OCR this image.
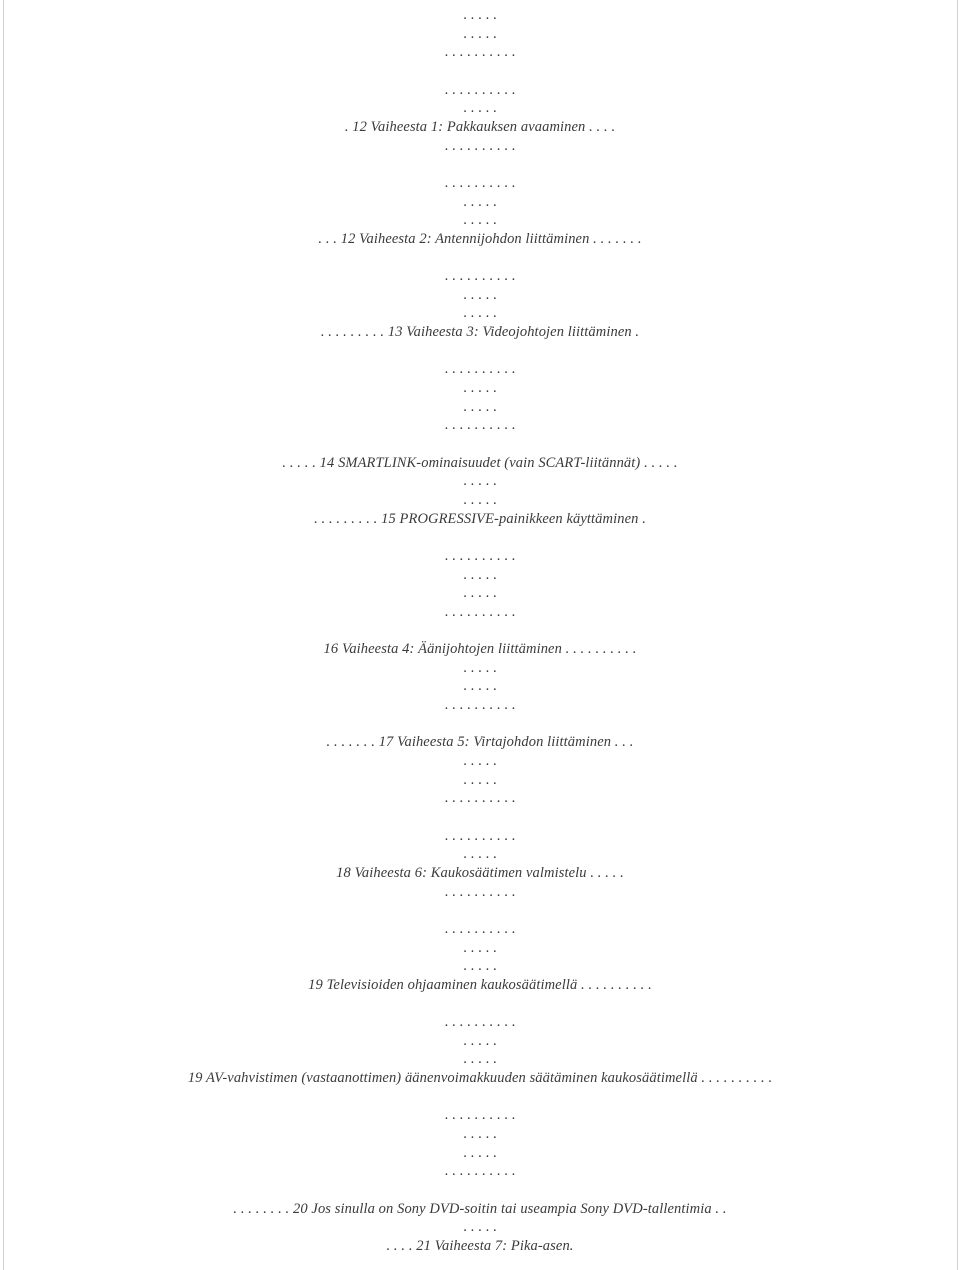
. . . . .
. . . . .
. . . . . . . . . .
. . . . . . . . . .
. . . . .
. 12 Vaiheesta 1: Pakkauksen avaaminen . . . .
. . . . . . . . . .
. . . . . . . . . .
. . . . .
. . . . .
. . . 12 Vaiheesta 2: Antennijohdon liittäminen . . . . . . .
. . . . . . . . . .
. . . . .
. . . . .
. . . . . . . . . 13 Vaiheesta 3: Videojohtojen liittäminen .
. . . . . . . . . .
. . . . .
. . . . .
. . . . . . . . . .
. . . . . 14 SMARTLINK-ominaisuudet (vain SCART-liitännät) . . . . .
. . . . .
. . . . .
. . . . . . . . . 15 PROGRESSIVE-painikkeen käyttäminen .
. . . . . . . . . .
. . . . .
. . . . .
. . . . . . . . . .
16 Vaiheesta 4: Äänijohtojen liittäminen . . . . . . . . . .
. . . . .
. . . . .
. . . . . . . . . .
. . . . . . . 17 Vaiheesta 5: Virtajohdon liittäminen . . .
. . . . .
. . . . .
. . . . . . . . . .
. . . . . . . . . .
. . . . .
18 Vaiheesta 6: Kaukosäätimen valmistelu . . . . .
. . . . . . . . . .
. . . . . . . . . .
. . . . .
. . . . .
19 Televisioiden ohjaaminen kaukosäätimellä . . . . . . . . . .
. . . . . . . . . .
. . . . .
. . . . .
19 AV-vahvistimen (vastaanottimen) äänenvoimakkuuden säätäminen kaukosäätimellä . . . . . . . . . .
. . . . . . . . . .
. . . . .
. . . . .
. . . . . . . . . .
. . . . . . . . 20 Jos sinulla on Sony DVD-soitin tai useampia Sony DVD-tallentimia . .
. . . . .
. . . . 21 Vaiheesta 7: Pika-asen.
